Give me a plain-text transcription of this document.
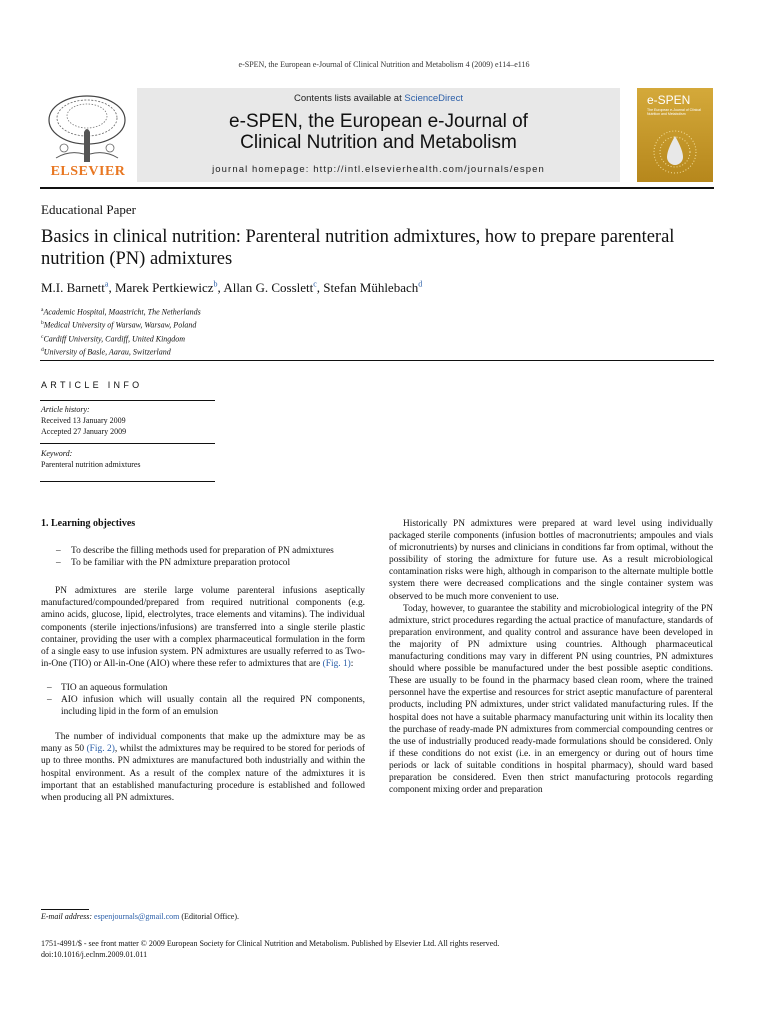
e-SPEN, the European e-Journal of Clinical Nutrition and Metabolism 4 (2009) e114–e116
ELSEVIER
Contents lists available at ScienceDirect
e-SPEN, the European e-Journal of
Clinical Nutrition and Metabolism
journal homepage: http://intl.elsevierhealth.com/journals/espen
e-SPEN
The European e-Journal of Clinical Nutrition and Metabolism
Educational Paper
Basics in clinical nutrition: Parenteral nutrition admixtures, how to prepare parenteral nutrition (PN) admixtures
M.I. Barnett$^a$, Marek Pertkiewicz$^b$, Allan G. Cosslett$^c$, Stefan Mühlebach$^d$
$^a$Academic Hospital, Maastricht, The Netherlands
$^b$Medical University of Warsaw, Warsaw, Poland
$^c$Cardiff University, Cardiff, United Kingdom
$^d$University of Basle, Aarau, Switzerland
ARTICLE INFO
Article history:
Received 13 January 2009
Accepted 27 January 2009
Keyword:
Parenteral nutrition admixtures
1. Learning objectives
– To describe the filling methods used for preparation of PN admixtures
– To be familiar with the PN admixture preparation protocol

PN admixtures are sterile large volume parenteral infusions aseptically manufactured/compounded/prepared from required nutritional components (e.g. amino acids, glucose, lipid, electrolytes, trace elements and vitamins). The individual components (sterile injections/infusions) are transferred into a single sterile plastic container, providing the user with a complex pharmaceutical formulation in the form of a single easy to use infusion system. PN admixtures are usually referred to as Two-in-One (TIO) or All-in-One (AIO) where these refer to admixtures that are (Fig. 1):

– TIO an aqueous formulation
– AIO infusion which will usually contain all the required PN components, including lipid in the form of an emulsion

The number of individual components that make up the admixture may be as many as 50 (Fig. 2), whilst the admixtures may be required to be stored for periods of up to three months. PN admixtures are manufactured both industrially and within the hospital environment. As a result of the complex nature of the admixtures it is important that an established manufacturing procedure is established and followed when producing all PN admixtures.

E-mail address: espenjournals@gmail.com (Editorial Office).

Historically PN admixtures were prepared at ward level using individually packaged sterile components (infusion bottles of macronutrients; ampoules and vials of micronutrients) by nurses and clinicians in conditions far from optimal, without the possibility of storing the admixture for future use. As a result microbiological contamination risks were high, although in comparison to the alternate multiple bottle system there were decreased complications and the single container system was observed to be much more convenient to use.

Today, however, to guarantee the stability and microbiological integrity of the PN admixture, strict procedures regarding the actual practice of manufacture, standards of preparation environment, and quality control and assurance have been developed in the majority of PN admixture using countries. Although pharmaceutical manufacturing conditions may vary in different PN using countries, PN admixtures should where possible be manufactured under the best possible aseptic conditions. These are usually to be found in the pharmacy based clean room, where the trained personnel have the expertise and resources for strict aseptic manufacture of parenteral products, including PN admixtures, under strict validated manufacturing rules. If the hospital does not have a suitable pharmacy manufacturing unit within its locality then the purchase of ready-made PN admixtures from commercial compounding centres or the use of industrially produced ready-made formulations should be considered. Only if these conditions do not exist (i.e. in an emergency or during out of hours time periods or lack of suitable conditions in hospital pharmacy), should ward based preparation be considered. Even then strict manufacturing protocols regarding component mixing order and preparation

1751-4991/$ - see front matter © 2009 European Society for Clinical Nutrition and Metabolism. Published by Elsevier Ltd. All rights reserved.
doi:10.1016/j.eclnm.2009.01.011
